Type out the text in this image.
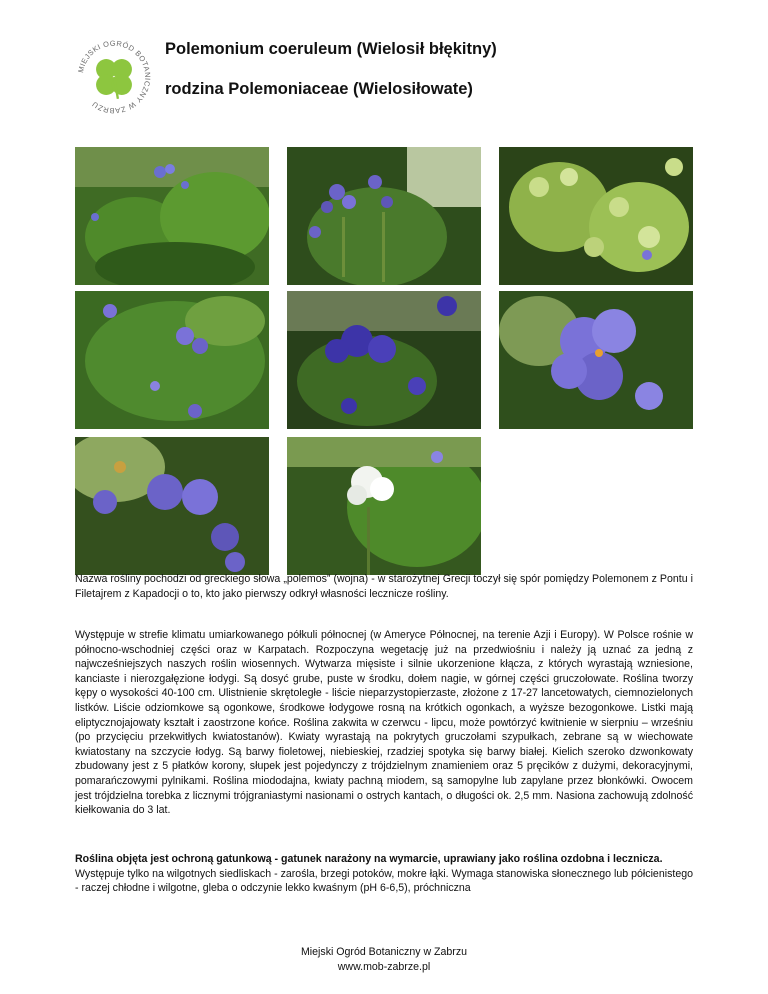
MIEJSKI OGRÓD BOTANICZNY W ZABRZU
Polemonium coeruleum (Wielosił błękitny)
rodzina Polemoniaceae (Wielosiłowate)

Nazwa rośliny pochodzi od greckiego słowa „polemos” (wojna) - w starożytnej Grecji toczył się spór pomiędzy Polemonem z Pontu i Filetajrem z Kapadocji o to, kto jako pierwszy odkrył własności lecznicze rośliny.

Występuje w strefie klimatu umiarkowanego półkuli północnej (w Ameryce Północnej, na terenie Azji i Europy). W Polsce rośnie w północno-wschodniej części oraz w Karpatach. Rozpoczyna wegetację już na przedwiośniu i należy ją uznać za jedną z najwcześniejszych naszych roślin wiosennych. Wytwarza mięsiste i silnie ukorzenione kłącza, z których wyrastają wzniesione, kanciaste i nierozgałęzione łodygi. Są dosyć grube, puste w środku, dołem nagie, w górnej części gruczołowate. Roślina tworzy kępy o wysokości 40-100 cm. Ulistnienie skrętoległe - liście nieparzystopierzaste, złożone z 17-27 lancetowatych, ciemnozielonych listków. Liście odziomkowe są ogonkowe, środkowe łodygowe rosną na krótkich ogonkach, a wyższe bezogonkowe. Listki mają eliptycznojajowaty kształt i zaostrzone końce. Roślina zakwita w czerwcu - lipcu, może powtórzyć kwitnienie w sierpniu – wrześniu (po przycięciu przekwitłych kwiatostanów). Kwiaty wyrastają na pokrytych gruczołami szypułkach, zebrane są w wiechowate kwiatostany na szczycie łodyg. Są barwy fioletowej, niebieskiej, rzadziej spotyka się barwy białej. Kielich szeroko dzwonkowaty zbudowany jest z 5 płatków korony, słupek jest pojedynczy z trójdzielnym znamieniem oraz 5 pręcików z dużymi, dekoracyjnymi, pomarańczowymi pylnikami. Roślina miododajna, kwiaty pachną miodem, są samopylne lub zapylane przez błonkówki. Owocem jest trójdzielna torebka z licznymi trójgraniastymi nasionami o ostrych kantach, o długości ok. 2,5 mm. Nasiona zachowują zdolność kiełkowania do 3 lat.

Roślina objęta jest ochroną gatunkową - gatunek narażony na wymarcie, uprawiany jako roślina ozdobna i lecznicza.
Występuje tylko na wilgotnych siedliskach - zarośla, brzegi potoków, mokre łąki. Wymaga stanowiska słonecznego lub półcienistego - raczej chłodne i wilgotne, gleba o odczynie lekko kwaśnym (pH 6-6,5), próchniczna
Miejski Ogród Botaniczny w Zabrzu
www.mob-zabrze.pl
